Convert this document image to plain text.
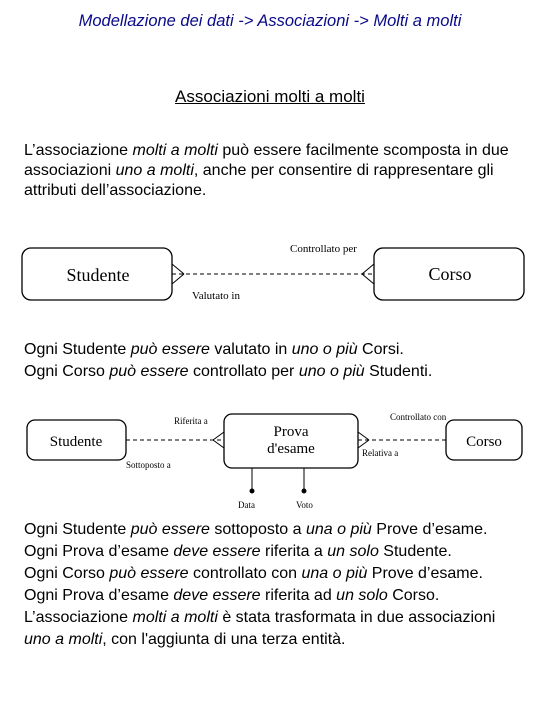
Modellazione dei dati -> Associazioni -> Molti a molti
Associazioni molti a molti
L’associazione molti a molti può essere facilmente scomposta in due associazioni uno a molti, anche per consentire di rappresentare gli attributi dell’associazione.
Studente	Corso
Controllato per
Valutato in

Ogni Studente può essere valutato in uno o più Corsi.

Ogni Corso può essere controllato per uno o più Studenti.

Studente
Prova d'esame	Corso
Riferita a
Sottoposto a
Controllato con
Relativa a
Data	Voto

Ogni Studente può essere sottoposto a una o più Prove d’esame.

Ogni Prova d’esame deve essere riferita a un solo Studente.

Ogni Corso può essere controllato con una o più Prove d’esame.

Ogni Prova d’esame deve essere riferita ad un solo Corso.

L’associazione molti a molti è stata trasformata in due associazioni uno a molti, con l'aggiunta di una terza entità.
